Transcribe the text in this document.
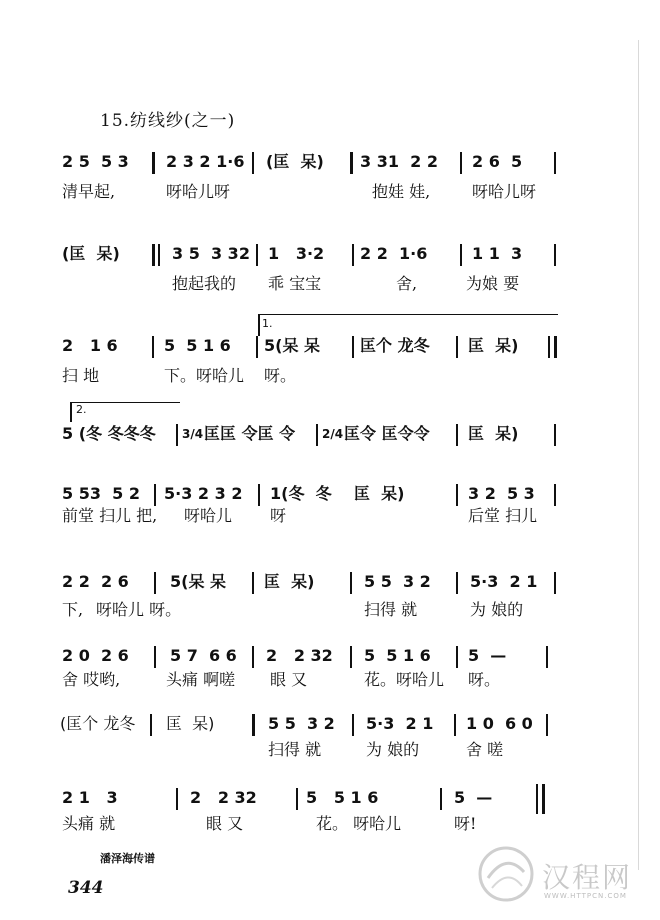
15.纺线纱(之一)
2 5  5 3 2 3 2 1·6 (匡  呆) 3 31  2 2 2 6  5
清早起,	呀哈儿呀	抱娃 娃,	呀哈儿呀
(匡  呆)	3 5  3 32 1   3·2 2 2  1·6	1 1  3
抱起我的 乖 宝宝	舍,	为娘 要
2   1 6	5  5 1 6 5(呆 呆 匡个 龙冬 匡  呆)
1.
扫 地	下。呀哈儿 呀。
5 (冬 冬冬冬	匡匡 令匡 令	匡令 匡令令 匡  呆)
2.
3/4	2/4
5 53  5 2 5·3 2 3 2 1(冬  冬 匡  呆)	3 2  5 3
前堂 扫儿 把, 呀哈儿 呀	后堂 扫儿
2 2  2 6	5(呆 呆 匡  呆)	5 5  3 2 5·3  2 1
下, 呀哈儿 呀。	扫得 就	为 娘的
2 0  2 6	5 7  6 6 2   2 32 5  5 1 6 5  —
舍 哎哟,	头痛 啊嗟 眼 又	花。呀哈儿 呀。
(匡个 龙冬 匡  呆)	5 5  3 2 5·3  2 1 1 0  6 0
扫得 就	为 娘的	舍 嗟
2 1   3	2   2 32	5   5 1 6	5  —
头痛 就	眼 又	花。 呀哈儿	呀!
潘泽海传谱
344	汉程网
WWW.HTTPCN.COM
